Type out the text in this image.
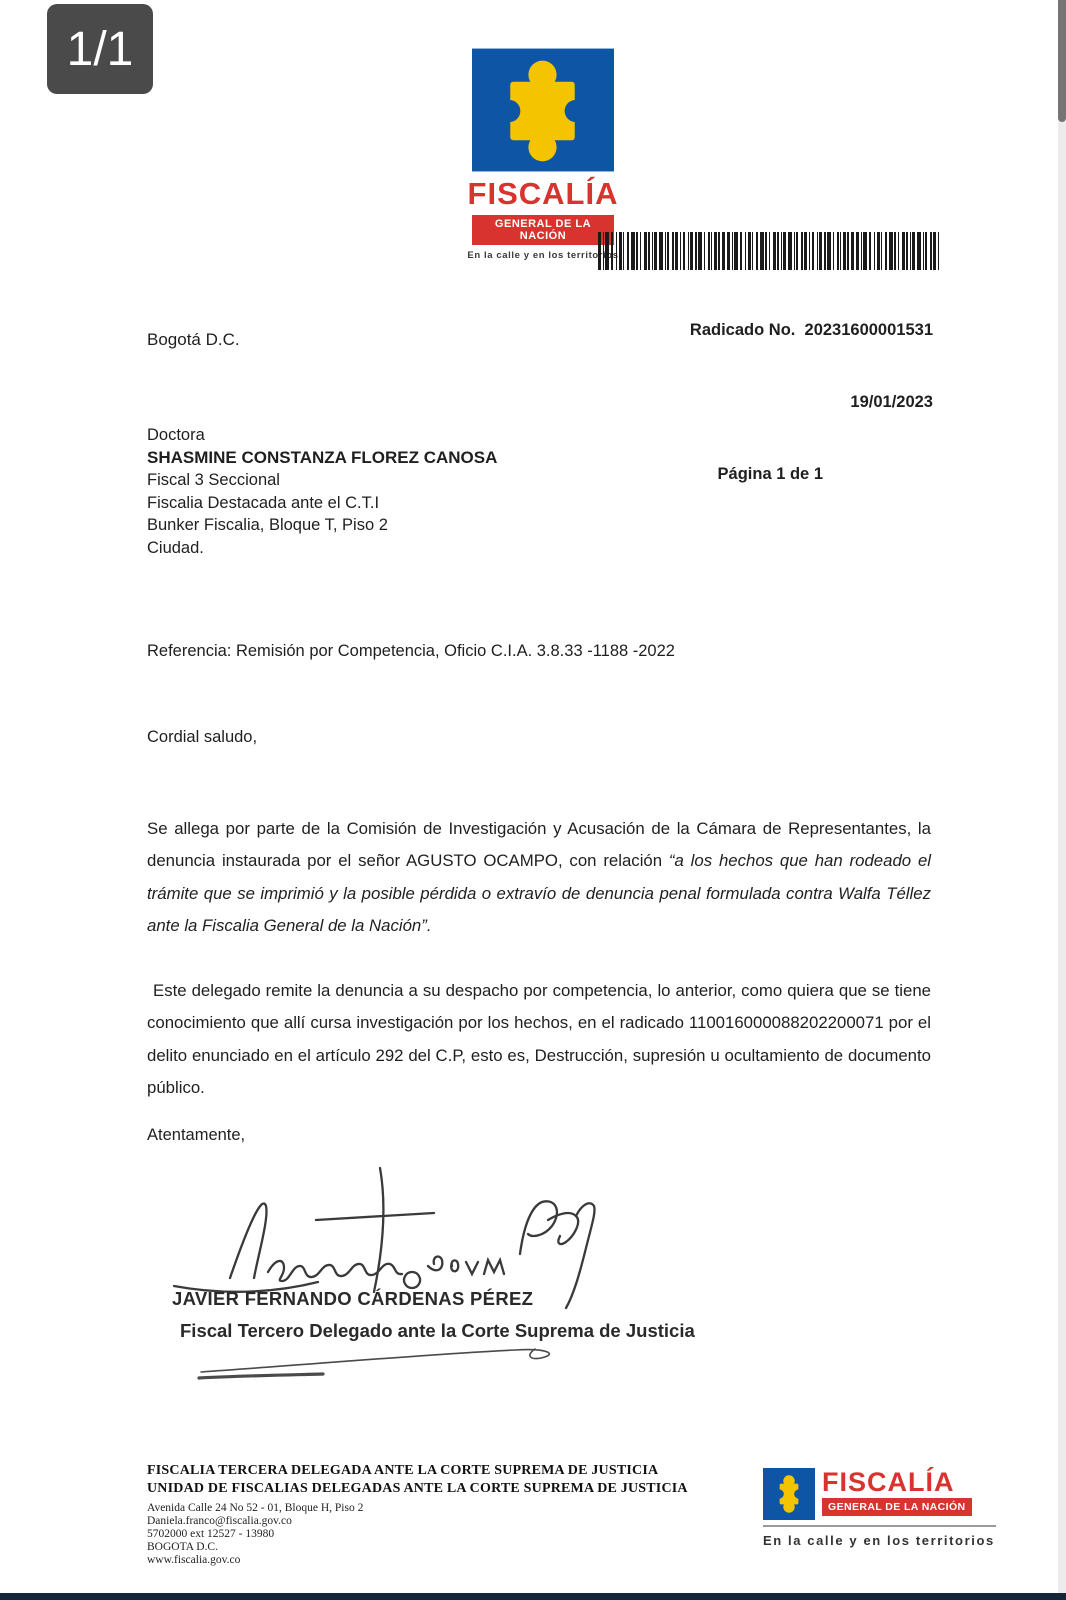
1/1
FISCALÍA
GENERAL DE LA NACIÓN
En la calle y en los territorios

Radicado No.  20231600001531

19/01/2023

Página 1 de 1

Bogotá D.C.
Doctora
SHASMINE CONSTANZA FLOREZ CANOSA
Fiscal 3 Seccional
Fiscalia Destacada ante el C.T.I
Bunker Fiscalia, Bloque T, Piso 2
Ciudad.
Referencia: Remisión por Competencia, Oficio C.I.A. 3.8.33 -1188 -2022
Cordial saludo,

Se allega por parte de la Comisión de Investigación y Acusación de la Cámara de Representantes, la denuncia instaurada por el señor AGUSTO OCAMPO, con relación “a los hechos que han rodeado el trámite que se imprimió y la posible pérdida o extravío de denuncia penal formulada contra Walfa Téllez ante la Fiscalia General de la Nación”.

Este delegado remite la denuncia a su despacho por competencia, lo anterior, como quiera que se tiene conocimiento que allí cursa investigación por los hechos, en el radicado 110016000088202200071 por el delito enunciado en el artículo 292 del C.P, esto es, Destrucción, supresión u ocultamiento de documento público.

Atentamente,
JAVIER FERNANDO CÁRDENAS PÉREZ
Fiscal Tercero Delegado ante la Corte Suprema de Justicia
FISCALIA TERCERA DELEGADA ANTE LA CORTE SUPREMA DE JUSTICIA
UNIDAD DE FISCALIAS DELEGADAS ANTE LA CORTE SUPREMA DE JUSTICIA
Avenida Calle 24 No 52 - 01, Bloque H, Piso 2
Daniela.franco@fiscalia.gov.co
5702000 ext 12527 - 13980
BOGOTA D.C.
www.fiscalia.gov.co
FISCALÍA
GENERAL DE LA NACIÓN
En la calle y en los territorios
